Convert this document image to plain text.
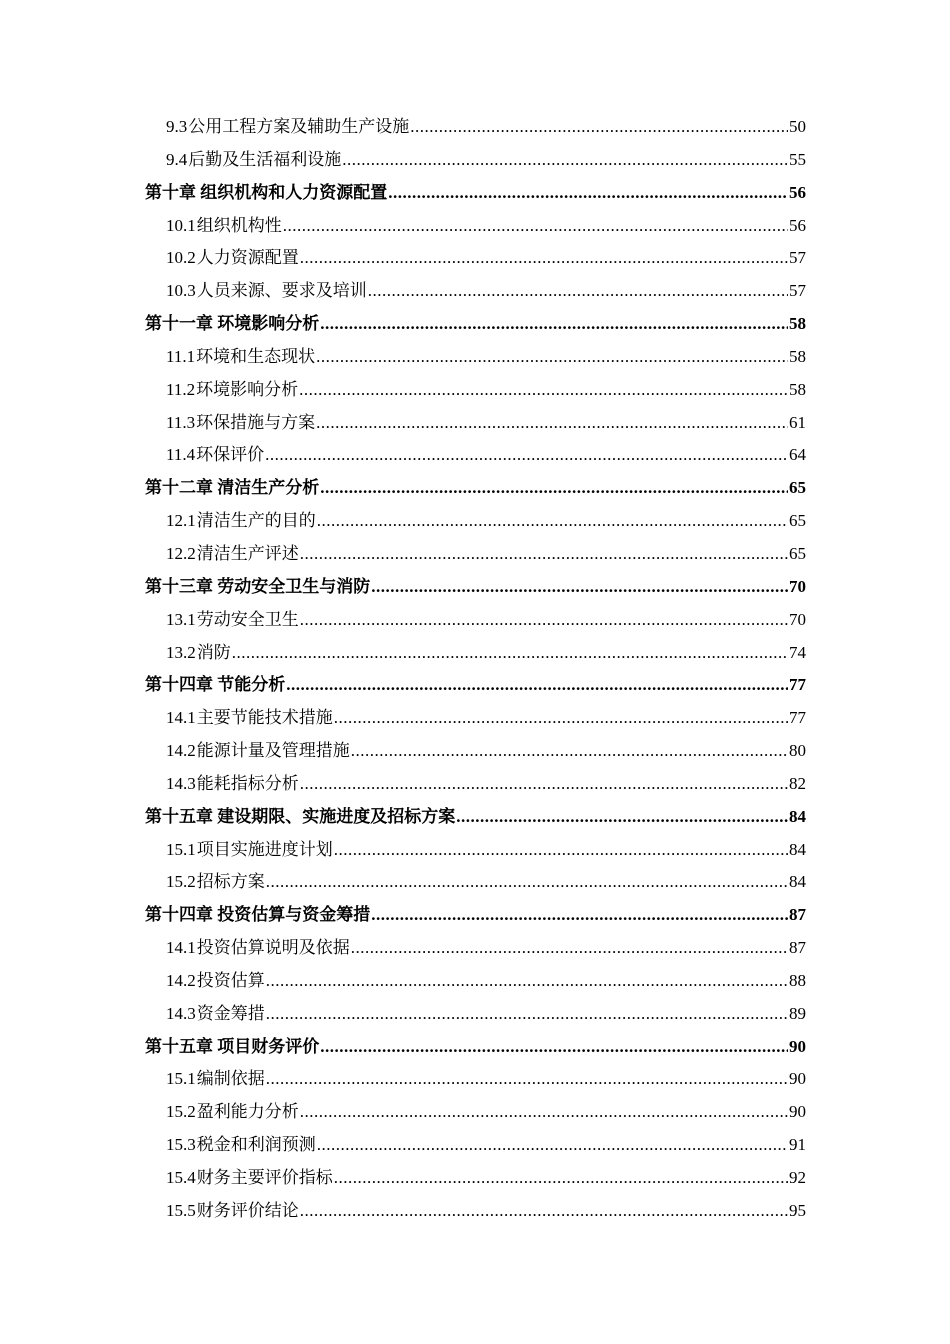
9.3 公用工程方案及辅助生产设施 .....	50
9.4 后勤及生活福利设施 .....	55
第十章 组织机构和人力资源配置 .....	56
10.1 组织机构性 .....	56
10.2 人力资源配置 .....	57
10.3 人员来源、要求及培训 .....	57
第十一章 环境影响分析 .....	58
11.1 环境和生态现状 .....	58
11.2 环境影响分析 .....	58
11.3 环保措施与方案 .....	61
11.4 环保评价 .....	64
第十二章 清洁生产分析 .....	65
12.1 清洁生产的目的 .....	65
12.2 清洁生产评述 .....	65
第十三章 劳动安全卫生与消防 .....	70
13.1 劳动安全卫生 .....	70
13.2 消防 .....	74
第十四章 节能分析 .....	77
14.1 主要节能技术措施 .....	77
14.2 能源计量及管理措施 .....	80
14.3 能耗指标分析 .....	82
第十五章 建设期限、实施进度及招标方案 .....	84
15.1 项目实施进度计划 .....	84
15.2 招标方案 .....	84
第十四章 投资估算与资金筹措 .....	87
14.1 投资估算说明及依据 .....	87
14.2 投资估算 .....	88
14.3 资金筹措 .....	89
第十五章 项目财务评价 .....	90
15.1 编制依据 .....	90
15.2 盈利能力分析 .....	90
15.3 税金和利润预测 .....	91
15.4 财务主要评价指标 .....	92
15.5 财务评价结论 .....	95
